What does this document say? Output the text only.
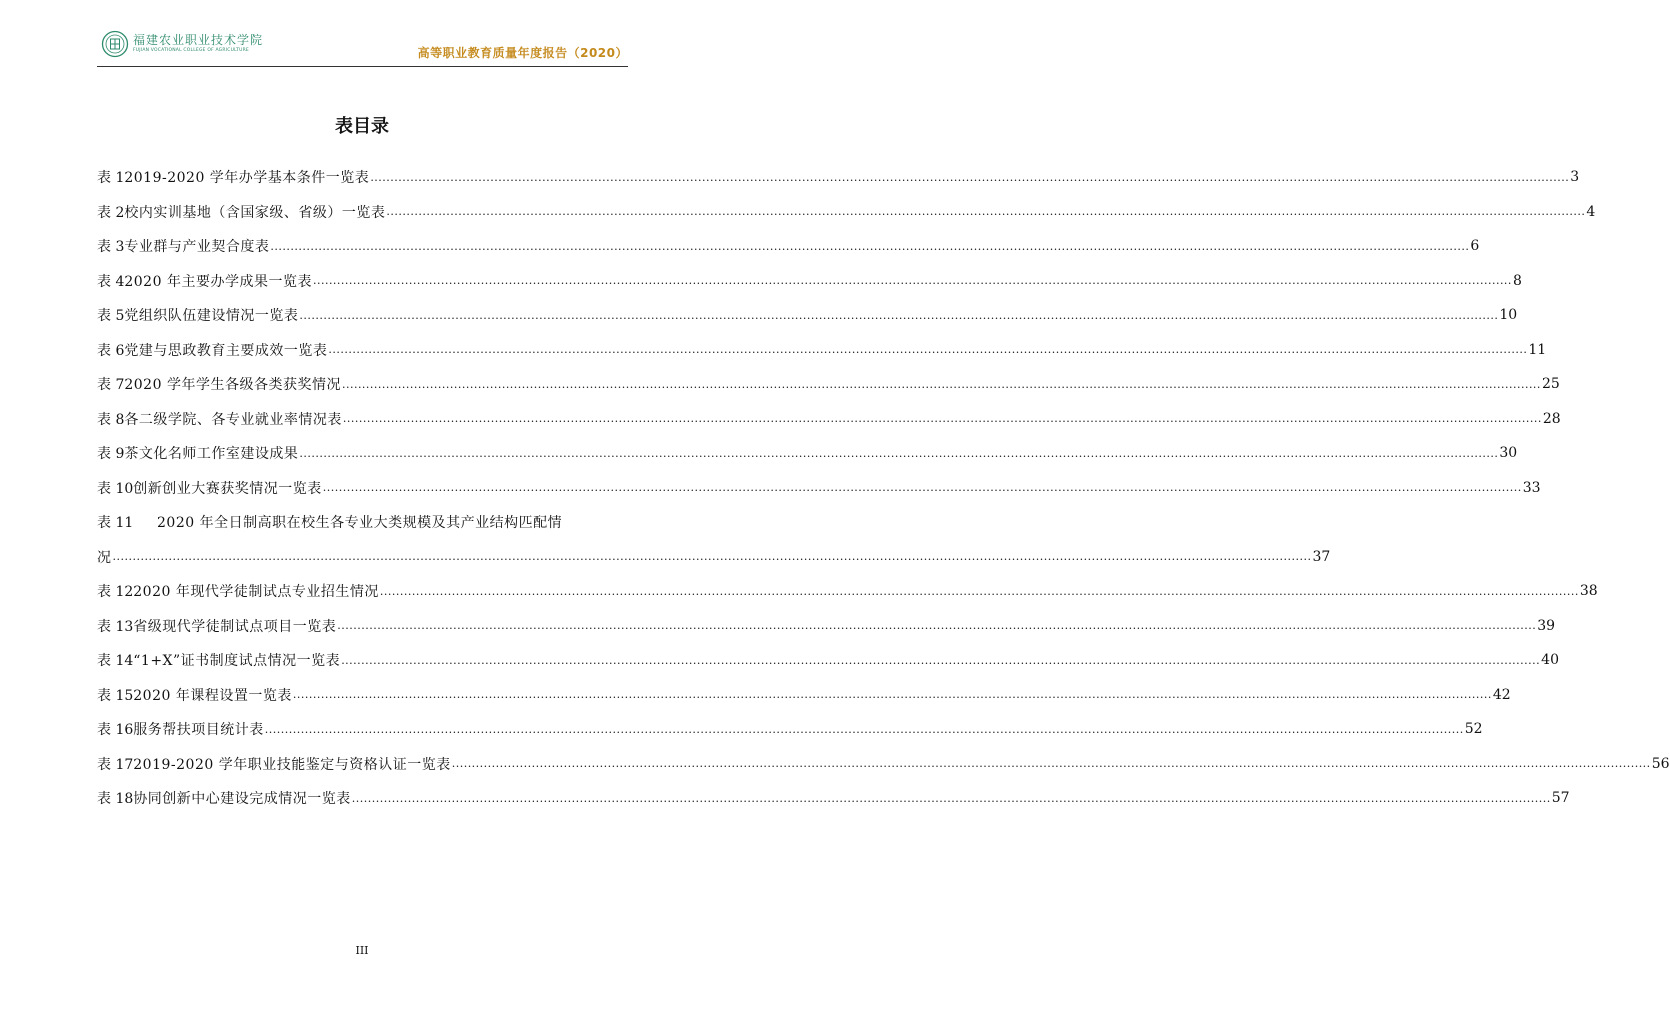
福建农业职业技术学院
FUJIAN VOCATIONAL COLLEGE OF AGRICULTURE	高等职业教育质量年度报告（2020）
表目录
表 1 2019-2020 学年办学基本条件一览表 ............................................................................................................................................................................................................................................................................................................ 3
表 2 校内实训基地（含国家级、省级）一览表 ............................................................................................................................................................................................................................................................................................................ 4
表 3 专业群与产业契合度表 ............................................................................................................................................................................................................................................................................................................ 6
表 4 2020 年主要办学成果一览表 ............................................................................................................................................................................................................................................................................................................ 8
表 5 党组织队伍建设情况一览表 ............................................................................................................................................................................................................................................................................................................ 10
表 6 党建与思政教育主要成效一览表 ............................................................................................................................................................................................................................................................................................................ 11
表 7 2020 学年学生各级各类获奖情况 ............................................................................................................................................................................................................................................................................................................ 25
表 8 各二级学院、各专业就业率情况表 ............................................................................................................................................................................................................................................................................................................ 28
表 9 茶文化名师工作室建设成果 ............................................................................................................................................................................................................................................................................................................ 30
表 10 创新创业大赛获奖情况一览表 ............................................................................................................................................................................................................................................................................................................ 33
表 11	2020 年全日制高职在校生各专业大类规模及其产业结构匹配情
况 ............................................................................................................................................................................................................................................................................................................ 37
表 12 2020 年现代学徒制试点专业招生情况 ............................................................................................................................................................................................................................................................................................................ 38
表 13 省级现代学徒制试点项目一览表 ............................................................................................................................................................................................................................................................................................................ 39
表 14 “1+X”证书制度试点情况一览表 ............................................................................................................................................................................................................................................................................................................ 40
表 15 2020 年课程设置一览表 ............................................................................................................................................................................................................................................................................................................ 42
表 16 服务帮扶项目统计表 ............................................................................................................................................................................................................................................................................................................ 52
表 17 2019-2020 学年职业技能鉴定与资格认证一览表 ............................................................................................................................................................................................................................................................................................................ 56
表 18 协同创新中心建设完成情况一览表 ............................................................................................................................................................................................................................................................................................................ 57
III
